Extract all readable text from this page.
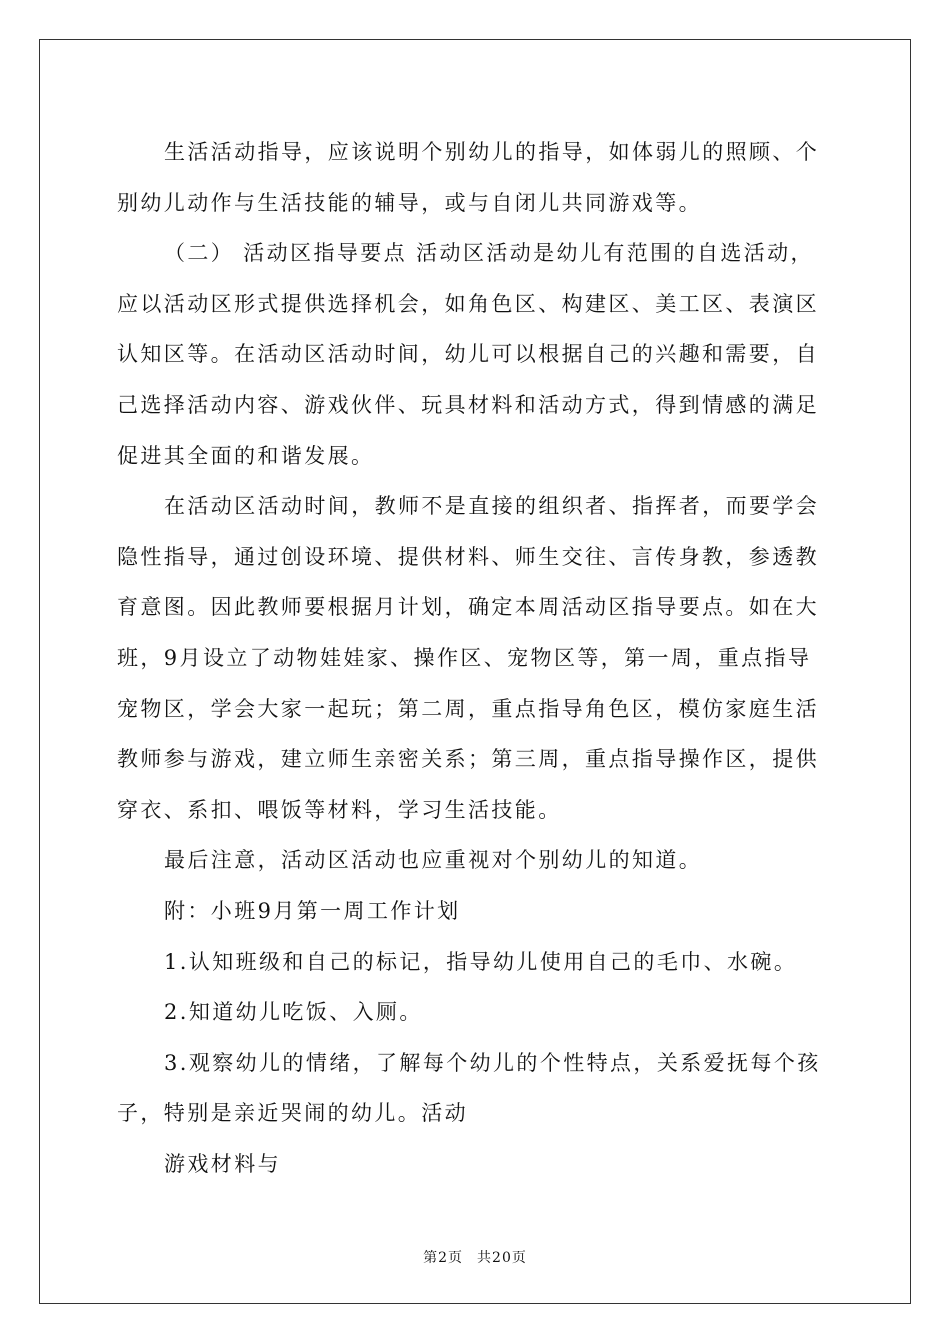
生活活动指导，应该说明个别幼儿的指导，如体弱儿的照顾、个
别幼儿动作与生活技能的辅导，或与自闭儿共同游戏等。

（二） 活动区指导要点 活动区活动是幼儿有范围的自选活动，
应以活动区形式提供选择机会，如角色区、构建区、美工区、表演区
认知区等。在活动区活动时间，幼儿可以根据自己的兴趣和需要，自
己选择活动内容、游戏伙伴、玩具材料和活动方式，得到情感的满足
促进其全面的和谐发展。

在活动区活动时间，教师不是直接的组织者、指挥者，而要学会
隐性指导，通过创设环境、提供材料、师生交往、言传身教，参透教
育意图。因此教师要根据月计划，确定本周活动区指导要点。如在大
班，9月设立了动物娃娃家、操作区、宠物区等，第一周，重点指导
宠物区，学会大家一起玩；第二周，重点指导角色区，模仿家庭生活
教师参与游戏，建立师生亲密关系；第三周，重点指导操作区，提供
穿衣、系扣、喂饭等材料，学习生活技能。

最后注意，活动区活动也应重视对个别幼儿的知道。

附：小班9月第一周工作计划

1.认知班级和自己的标记，指导幼儿使用自己的毛巾、水碗。

2.知道幼儿吃饭、入厕。

3.观察幼儿的情绪，了解每个幼儿的个性特点，关系爱抚每个孩
子，特别是亲近哭闹的幼儿。活动

游戏材料与

第2页 共20页
